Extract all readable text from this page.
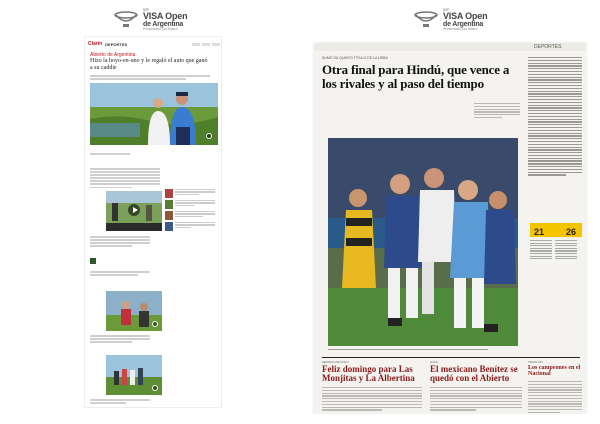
53º
VISA Open
de Argentina
Presentado por Macro
53º
VISA Open
de Argentina
Presentado por Macro
Clarín DEPORTES
Abierto de Argentina
Hizo la hoyo-en-uno y le regaló el auto que ganó a su caddie
DEPORTES
SUMÓ SU QUINTO TÍTULO DE LA URBA
Otra final para Hindú, que vence a los rivales y al paso del tiempo
21 26
SEMANA DE POLO
Feliz domingo para Las Monjitas y La Albertina
GOLF
El mexicano Benítez se quedó con el Abierto
TRIATLÓN
Los campeones en el Nacional
